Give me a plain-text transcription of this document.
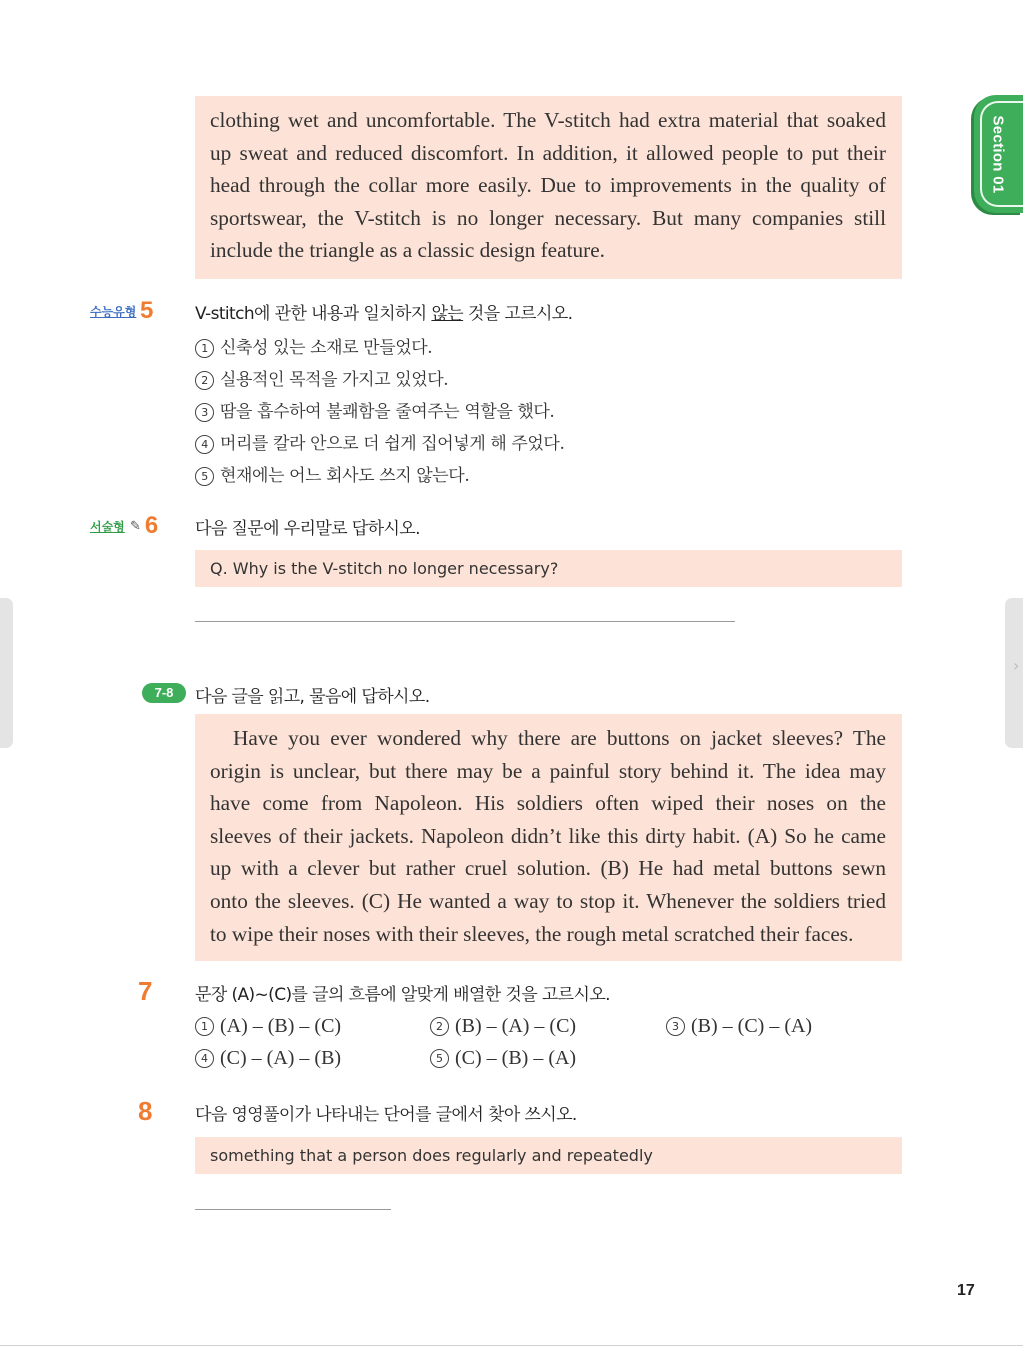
Section 01
›
clothing wet and uncomfortable. The V-stitch had extra material that soaked
up sweat and reduced discomfort. In addition, it allowed people to put their
head through the collar more easily. Due to improvements in the quality of
sportswear, the V-stitch is no longer necessary. But many companies still
include the triangle as a classic design feature.
수능유형 5 V-stitch에 관한 내용과 일치하지 않는 것을 고르시오.
1 신축성 있는 소재로 만들었다.
2 실용적인 목적을 가지고 있었다.
3 땀을 흡수하여 불쾌함을 줄여주는 역할을 했다.
4 머리를 칼라 안으로 더 쉽게 집어넣게 해 주었다.
5 현재에는 어느 회사도 쓰지 않는다.
서술형 ✎ 6 다음 질문에 우리말로 답하시오.
Q. Why is the V-stitch no longer necessary?
7-8	다음 글을 읽고, 물음에 답하시오.
Have you ever wondered why there are buttons on jacket sleeves? The
origin is unclear, but there may be a painful story behind it. The idea may
have come from Napoleon. His soldiers often wiped their noses on the
sleeves of their jackets. Napoleon didn’t like this dirty habit. (A) So he came
up with a clever but rather cruel solution. (B) He had metal buttons sewn
onto the sleeves. (C) He wanted a way to stop it. Whenever the soldiers tried
to wipe their noses with their sleeves, the rough metal scratched their faces.
7	문장 (A)~(C)를 글의 흐름에 알맞게 배열한 것을 고르시오.
1 (A) – (B) – (C)	2 (B) – (A) – (C)	3 (B) – (C) – (A)
4 (C) – (A) – (B)	5 (C) – (B) – (A)
8	다음 영영풀이가 나타내는 단어를 글에서 찾아 쓰시오.
something that a person does regularly and repeatedly
17
